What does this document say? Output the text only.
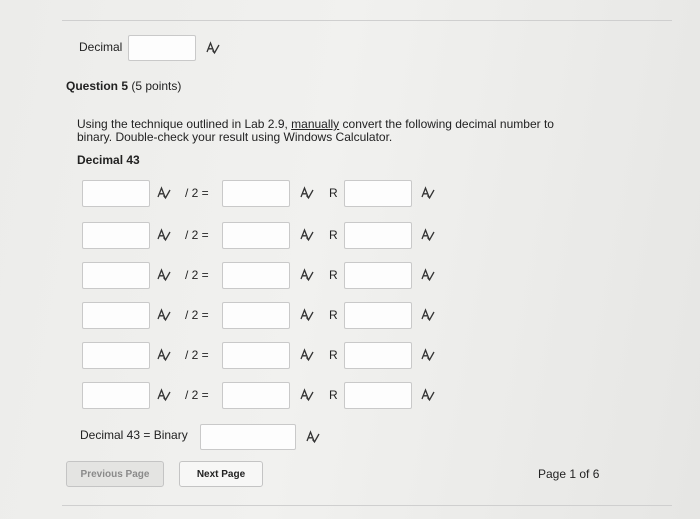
Decimal
Question 5 (5 points)
Using the technique outlined in Lab 2.9, manually convert the following decimal number to
binary. Double-check your result using Windows Calculator.
Decimal 43
/ 2 =	R
/ 2 =	R
/ 2 =	R
/ 2 =	R
/ 2 =	R
/ 2 =	R
Decimal 43 = Binary
Previous Page	Next Page	Page 1 of 6
